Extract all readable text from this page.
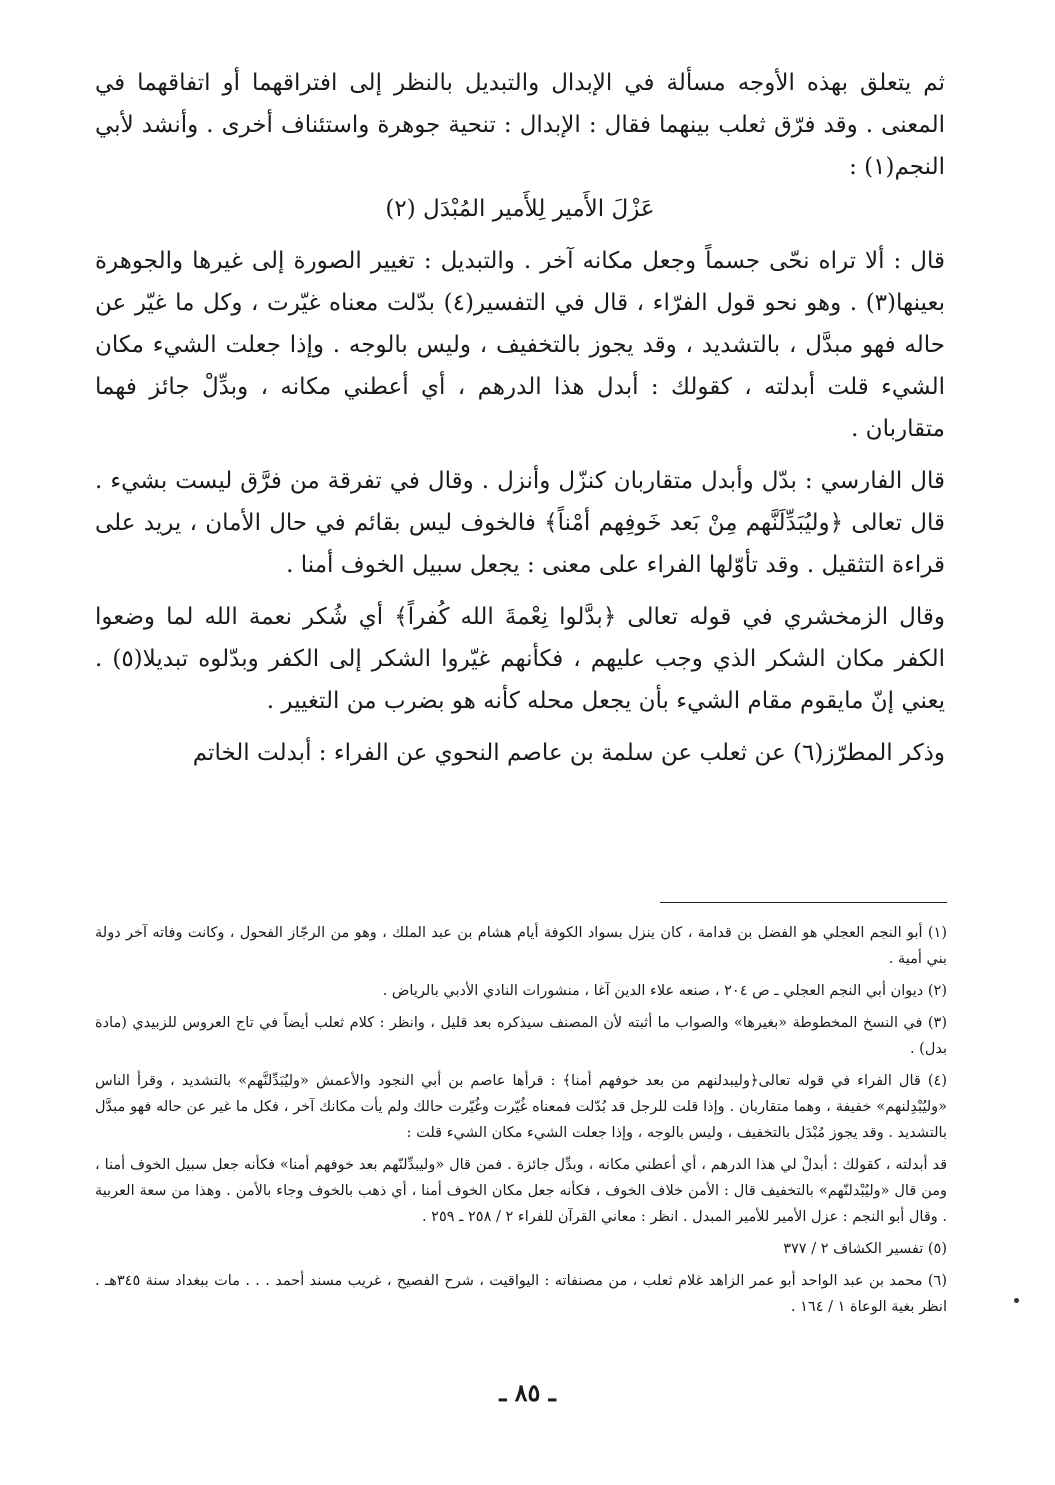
ثم يتعلق بهذه الأوجه مسألة في الإبدال والتبديل بالنظر إلى افتراقهما أو اتفاقهما في المعنى . وقد فرّق ثعلب بينهما فقال : الإبدال : تنحية جوهرة واستئناف أخرى . وأنشد لأبي النجم(١) :

عَزْلَ الأَمير لِلأَمير المُبْدَل (٢)

قال : ألا تراه نحّى جسماً وجعل مكانه آخر . والتبديل : تغيير الصورة إلى غيرها والجوهرة بعينها(٣) . وهو نحو قول الفرّاء ، قال في التفسير(٤) بدّلت معناه غيّرت ، وكل ما غيّر عن حاله فهو مبدَّل ، بالتشديد ، وقد يجوز بالتخفيف ، وليس بالوجه . وإذا جعلت الشيء مكان الشيء قلت أبدلته ، كقولك : أبدل هذا الدرهم ، أي أعطني مكانه ، وبدِّلْ جائز فهما متقاربان .

قال الفارسي : بدّل وأبدل متقاربان كنزّل وأنزل . وقال في تفرقة من فرَّق ليست بشيء . قال تعالى ﴿وليُبَدِّلَنَّهم مِنْ بَعد خَوفِهم أمْناً﴾ فالخوف ليس بقائم في حال الأمان ، يريد على قراءة التثقيل . وقد تأوّلها الفراء على معنى : يجعل سبيل الخوف أمنا .

وقال الزمخشري في قوله تعالى ﴿بدَّلوا نِعْمةَ الله كُفراً﴾ أي شُكر نعمة الله لما وضعوا الكفر مكان الشكر الذي وجب عليهم ، فكأنهم غيّروا الشكر إلى الكفر وبدّلوه تبديلا(٥) . يعني إنّ مايقوم مقام الشيء بأن يجعل محله كأنه هو بضرب من التغيير .

وذكر المطرّز(٦) عن ثعلب عن سلمة بن عاصم النحوي عن الفراء : أبدلت الخاتم

(١) أبو النجم العجلي هو الفضل بن قدامة ، كان ينزل بسواد الكوفة أيام هشام بن عبد الملك ، وهو من الرجّاز الفحول ، وكانت وفاته آخر دولة بني أمية .

(٢) ديوان أبي النجم العجلي ـ ص ٢٠٤ ، صنعه علاء الدين آغا ، منشورات النادي الأدبي بالرياض .

(٣) في النسخ المخطوطة «بغيرها» والصواب ما أثبته لأن المصنف سيذكره بعد قليل ، وانظر : كلام ثعلب أيضاً في تاج العروس للزبيدي (مادة بدل) .

(٤) قال الفراء في قوله تعالى﴿وليبدلنهم من بعد خوفهم أمنا﴾ : قرأها عاصم بن أبي النجود والأعمش «وليُبَدِّلنَّهم» بالتشديد ، وقرأ الناس «وليُبْدِلنهم» خفيفة ، وهما متقاربان . وإذا قلت للرجل قد بُدّلت فمعناه غُيّرت وغُيّرت حالك ولم يأت مكانك آخر ، فكل ما غير عن حاله فهو مبدَّل بالتشديد . وقد يجوز مُبْدَل بالتخفيف ، وليس بالوجه ، وإذا جعلت الشيء مكان الشيء قلت :

قد أبدلته ، كقولك : أبدلْ لي هذا الدرهم ، أي أعطني مكانه ، وبدِّل جائزة . فمن قال «وليبدِّلنّهم بعد خوفهم أمنا» فكأنه جعل سبيل الخوف أمنا ، ومن قال «وليُبْدلنّهم» بالتخفيف قال : الأمن خلاف الخوف ، فكأنه جعل مكان الخوف أمنا ، أي ذهب بالخوف وجاء بالأمن . وهذا من سعة العربية . وقال أبو النجم : عزل الأمير للأمير المبدل . انظر : معاني القرآن للفراء ٢ / ٢٥٨ ـ ٢٥٩ .

(٥) تفسير الكشاف ٢ / ٣٧٧

(٦) محمد بن عبد الواحد أبو عمر الزاهد غلام ثعلب ، من مصنفاته : اليواقيت ، شرح الفصيح ، غريب مسند أحمد . . . مات ببغداد سنة ٣٤٥هـ . انظر بغية الوعاة ١ / ١٦٤ .

ـ ٨٥ ـ
